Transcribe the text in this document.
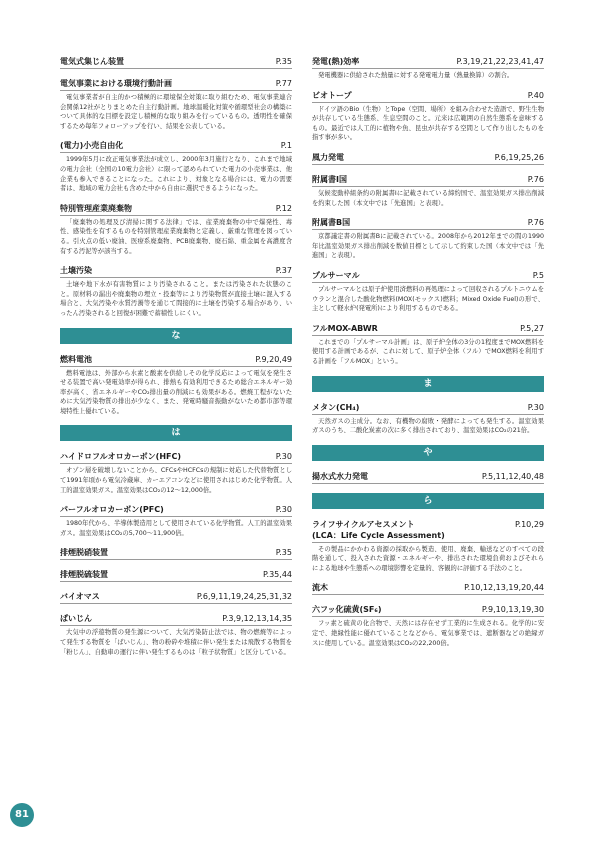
電気式集じん装置	P.35
電気事業における環境行動計画	P.77

電気事業者が自主的かつ積極的に環境保全対策に取り組むため、電気事業連合会関係12社がとりまとめた自主行動計画。地球温暖化対策や循環型社会の構築について具体的な目標を設定し積極的な取り組みを行っているもの。透明性を確保するため毎年フォローアップを行い、結果を公表している。

(電力)小売自由化	P.1

1999年5月に改正電気事業法が成立し、2000年3月施行となり、これまで地域の電力会社（全国の10電力会社）に限って認められていた電力の小売事業は、他企業も参入できることになった。これにより、対象となる場合には、電力の需要者は、地域の電力会社も含めた中から自由に選択できるようになった。

特別管理産業廃棄物	P.12

「廃棄物の処理及び清掃に関する法律」では、産業廃棄物の中で爆発性、毒性、感染性を有するものを特別管理産業廃棄物と定義し、厳重な管理を図っている。引火点の低い廃油、医療系廃棄物、PCB廃棄物、廃石綿、重金属を高濃度含有する汚泥等が該当する。

土壌汚染	P.37

土壌や地下水が有害物質により汚染されること。または汚染された状態のこと。原材料の漏出や廃棄物の埋立・投棄等により汚染物質が直接土壌に混入する場合と、大気汚染や水質汚濁等を通じて間接的に土壌を汚染する場合があり、いったん汚染されると回復が困難で蓄積性しにくい。

な
燃料電池	P.9,20,49

燃料電池は、外部から水素と酸素を供給しその化学反応によって電気を発生させる装置で高い発電効率が得られ、排熱も有効利用できるため総合エネルギー効率が高く、省エネルギーやCO₂排出量の削減にも効果がある。燃焼工程がないために大気汚染物質の排出が少なく、また、発電時騒音振動がないため都市部等環境特性上優れている。

は
ハイドロフルオロカーボン(HFC)	P.30

オゾン層を破壊しないことから、CFCsやHCFCsの規制に対応した代替物質として1991年頃から電気冷蔵庫、カーエアコンなどに使用されはじめた化学物質。人工的温室効果ガス。温室効果はCO₂の12～12,000倍。

パーフルオロカーボン(PFC)	P.30

1980年代から、半導体製造用として使用されている化学物質。人工的温室効果ガス。温室効果はCO₂の5,700～11,900倍。

排煙脱硝装置	P.35
排煙脱硫装置	P.35,44
バイオマス	P.6,9,11,19,24,25,31,32
ばいじん	P.3,9,12,13,14,35

大気中の浮遊物質の発生源について、大気汚染防止法では、物の燃焼等によって発生する物質を「ばいじん」、物の粉砕や堆積に伴い発生または飛散する物質を「粉じん」、自動車の運行に伴い発生するものは「粒子状物質」と区分している。

発電(熱)効率	P.3,19,21,22,23,41,47

発電機器に供給された熱量に対する発電電力量（熱量換算）の割合。

ビオトープ	P.40

ドイツ語のBio（生物）とTope（空間、場所）を組み合わせた造語で、野生生物が共存している生態系、生息空間のこと。元来は広範囲の自然生態系を意味するもの。最近では人工的に植物や魚、昆虫が共存する空間として作り出したものを指す事が多い。

風力発電	P.6,19,25,26
附属書Ⅰ国	P.76

気候変動枠組条約の附属書Ⅰに記載されている締約国で、温室効果ガス排出削減を約束した国（本文中では「先進国」と表現）。

附属書B国	P.76

京都議定書の附属書Bに記載されている。2008年から2012年までの間の1990年比温室効果ガス排出削減を数値目標として示して約束した国（本文中では「先進国」と表現）。

プルサーマル	P.5

プルサーマルとは原子炉使用済燃料の再処理によって回収されるプルトニウムをウランと混合した酸化物燃料(MOX(モックス)燃料；Mixed Oxide Fuel)の形で、主として軽水炉(発電所)により利用するものである。

フルMOX-ABWR	P.5,27

これまでの「プルサーマル計画」は、原子炉全体の3分の1程度までMOX燃料を使用する計画であるが、これに対して、原子炉全体（フル）でMOX燃料を利用する計画を「フルMOX」という。

ま
メタン(CH₄)	P.30

天然ガスの主成分。なお、有機物の腐敗・発酵によっても発生する。温室効果ガスのうち、二酸化炭素の次に多く排出されており、温室効果はCO₂の21倍。

や
揚水式水力発電	P.5,11,12,40,48
ら
ライフサイクルアセスメント
(LCA：Life Cycle Assessment)
P.10,29

その製品にかかわる資源の採取から製造、使用、廃棄、輸送などのすべての段階を通して、投入された資源・エネルギーや、排出された環境負荷およびそれらによる地球や生態系への環境影響を定量的、客観的に評価する手法のこと。

流木	P.10,12,13,19,20,44
六フッ化硫黄(SF₆)	P.9,10,13,19,30

フッ素と硫黄の化合物で、天然には存在せず工業的に生成される。化学的に安定で、絶縁性能に優れていることなどから、電気事業では、遮断器などの絶縁ガスに使用している。温室効果はCO₂の22,200倍。

81
